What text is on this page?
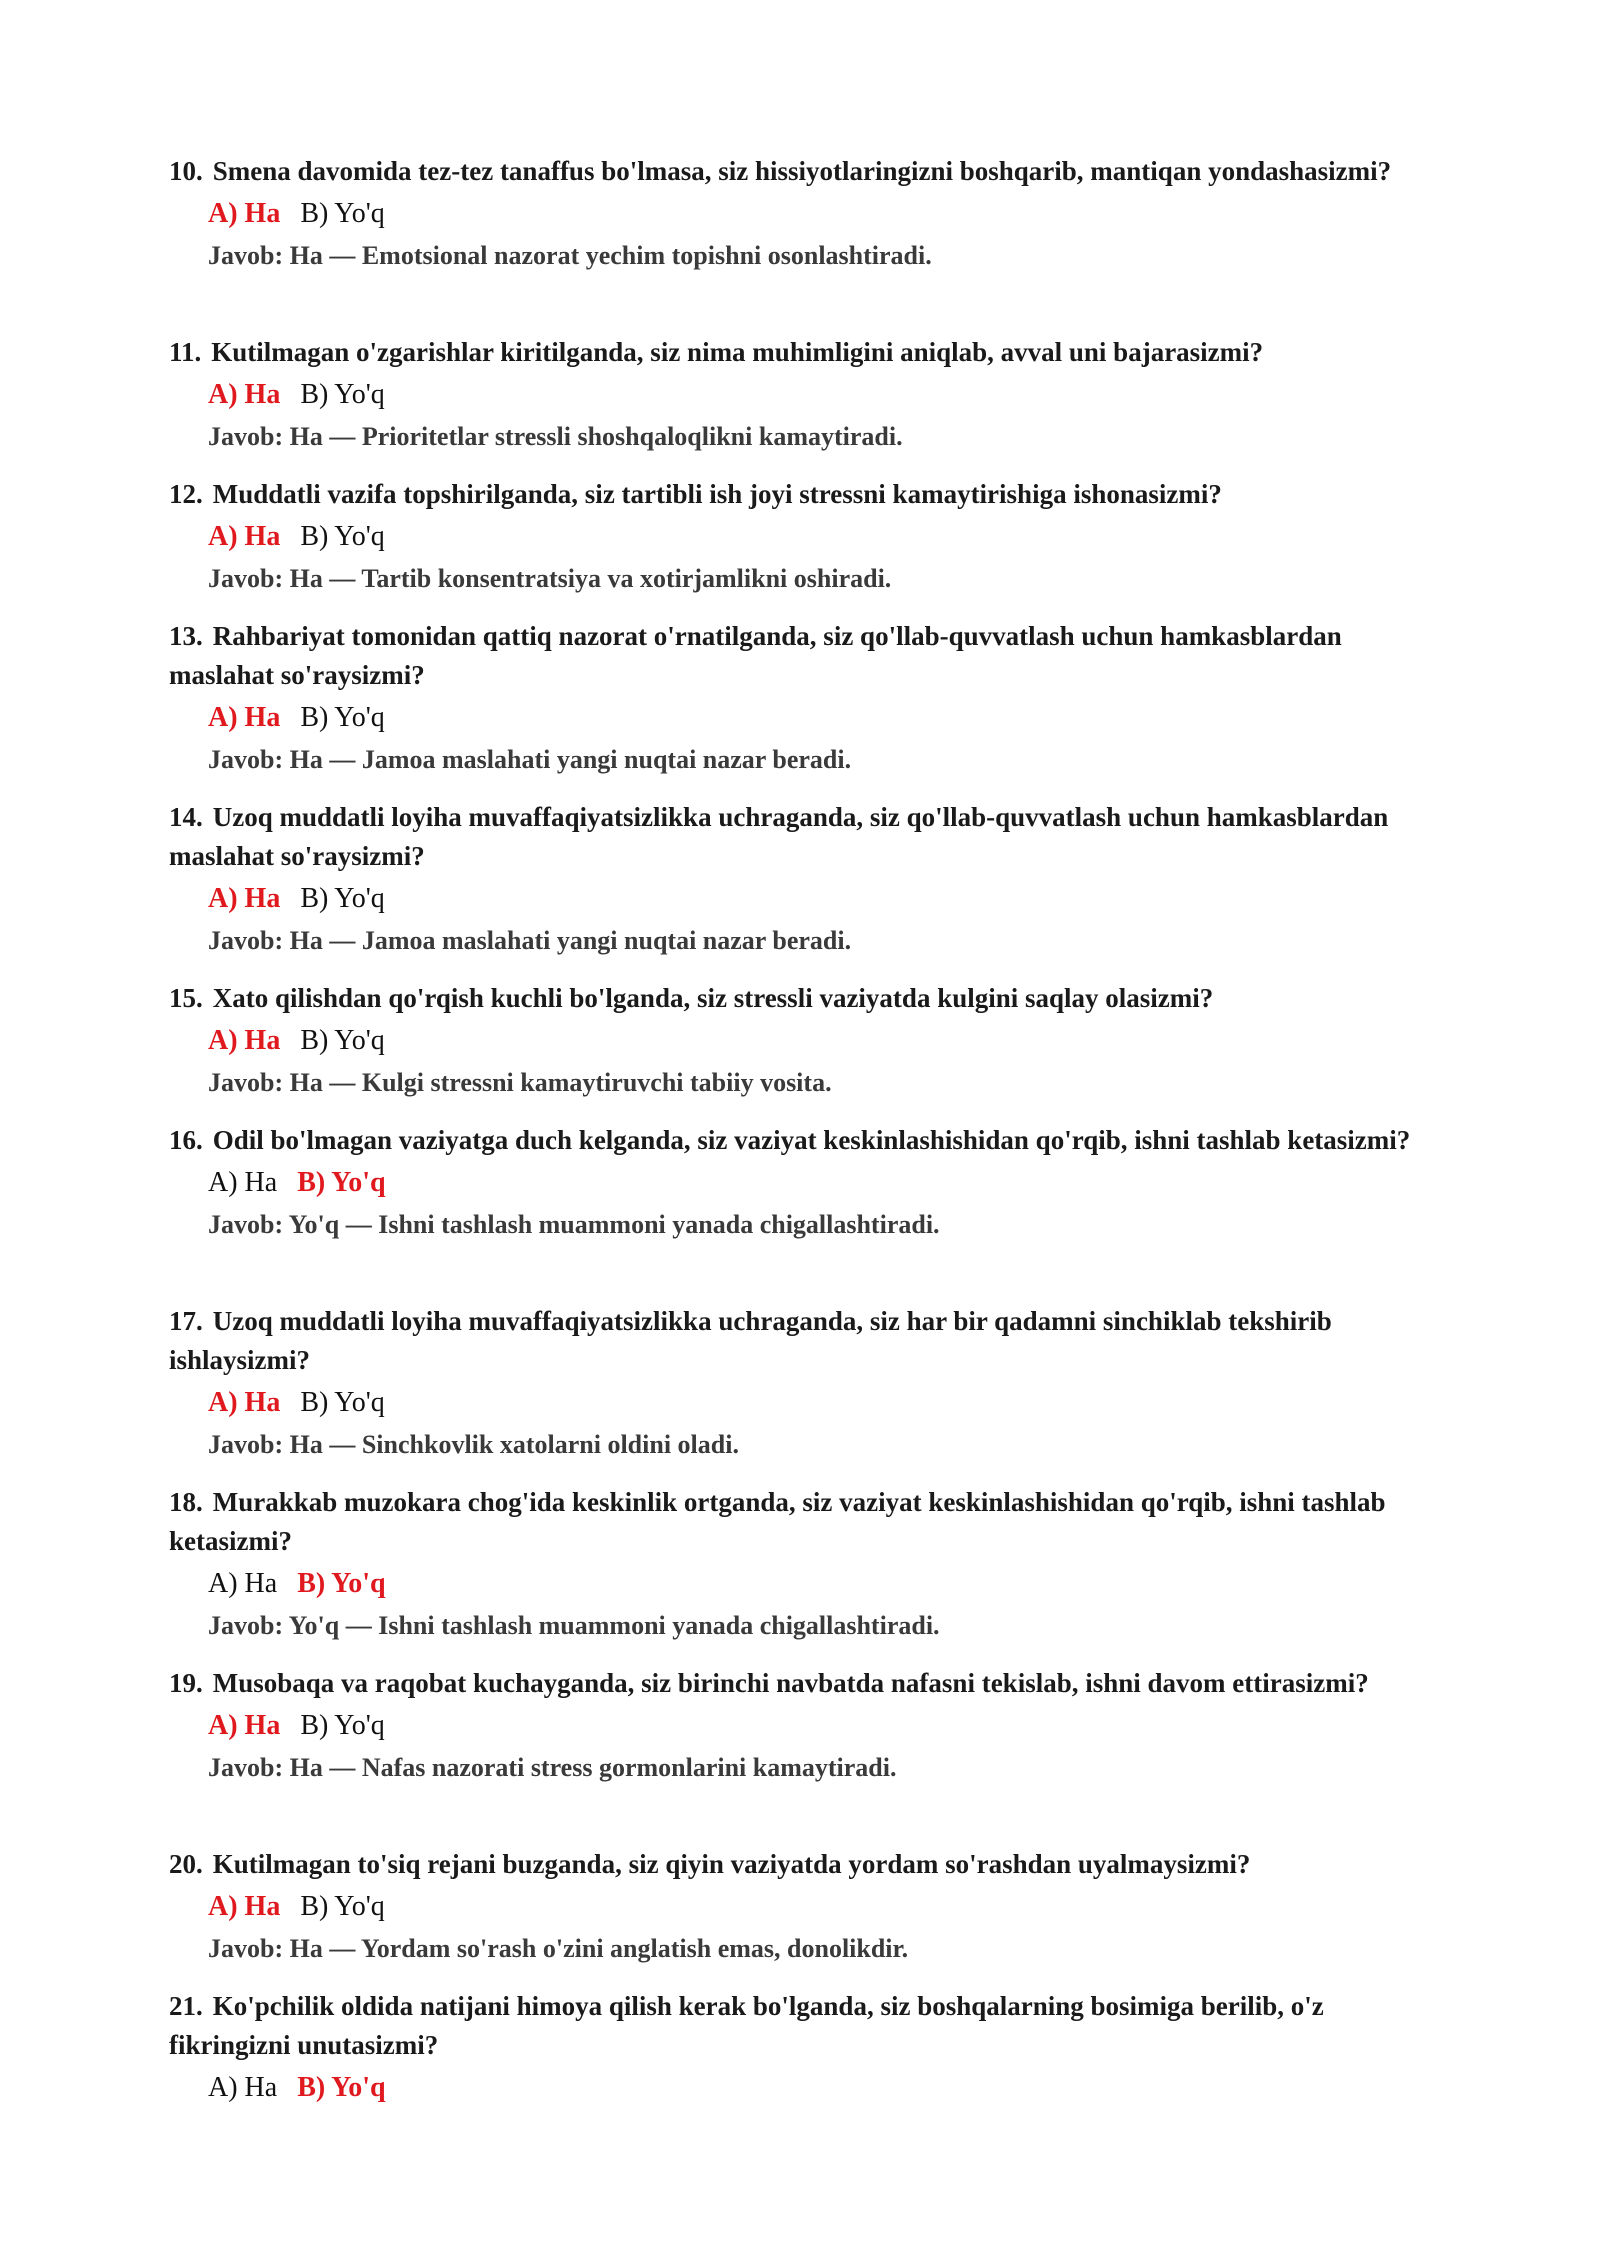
10. Smena davomida tez-tez tanaffus bo'lmasa, siz hissiyotlaringizni boshqarib, mantiqan yondashasizmi?

A) Ha B) Yo'q

Javob: Ha — Emotsional nazorat yechim topishni osonlashtiradi.

11. Kutilmagan o'zgarishlar kiritilganda, siz nima muhimligini aniqlab, avval uni bajarasizmi?

A) Ha B) Yo'q

Javob: Ha — Prioritetlar stressli shoshqaloqlikni kamaytiradi.

12. Muddatli vazifa topshirilganda, siz tartibli ish joyi stressni kamaytirishiga ishonasizmi?

A) Ha B) Yo'q

Javob: Ha — Tartib konsentratsiya va xotirjamlikni oshiradi.

13. Rahbariyat tomonidan qattiq nazorat o'rnatilganda, siz qo'llab-quvvatlash uchun hamkasblardan maslahat so'raysizmi?

A) Ha B) Yo'q

Javob: Ha — Jamoa maslahati yangi nuqtai nazar beradi.

14. Uzoq muddatli loyiha muvaffaqiyatsizlikka uchraganda, siz qo'llab-quvvatlash uchun hamkasblardan maslahat so'raysizmi?

A) Ha B) Yo'q

Javob: Ha — Jamoa maslahati yangi nuqtai nazar beradi.

15. Xato qilishdan qo'rqish kuchli bo'lganda, siz stressli vaziyatda kulgini saqlay olasizmi?

A) Ha B) Yo'q

Javob: Ha — Kulgi stressni kamaytiruvchi tabiiy vosita.

16. Odil bo'lmagan vaziyatga duch kelganda, siz vaziyat keskinlashishidan qo'rqib, ishni tashlab ketasizmi?

A) Ha B) Yo'q

Javob: Yo'q — Ishni tashlash muammoni yanada chigallashtiradi.

17. Uzoq muddatli loyiha muvaffaqiyatsizlikka uchraganda, siz har bir qadamni sinchiklab tekshirib ishlaysizmi?

A) Ha B) Yo'q

Javob: Ha — Sinchkovlik xatolarni oldini oladi.

18. Murakkab muzokara chog'ida keskinlik ortganda, siz vaziyat keskinlashishidan qo'rqib, ishni tashlab ketasizmi?

A) Ha B) Yo'q

Javob: Yo'q — Ishni tashlash muammoni yanada chigallashtiradi.

19. Musobaqa va raqobat kuchayganda, siz birinchi navbatda nafasni tekislab, ishni davom ettirasizmi?

A) Ha B) Yo'q

Javob: Ha — Nafas nazorati stress gormonlarini kamaytiradi.

20. Kutilmagan to'siq rejani buzganda, siz qiyin vaziyatda yordam so'rashdan uyalmaysizmi?

A) Ha B) Yo'q

Javob: Ha — Yordam so'rash o'zini anglatish emas, donolikdir.

21. Ko'pchilik oldida natijani himoya qilish kerak bo'lganda, siz boshqalarning bosimiga berilib, o'z fikringizni unutasizmi?

A) Ha B) Yo'q
